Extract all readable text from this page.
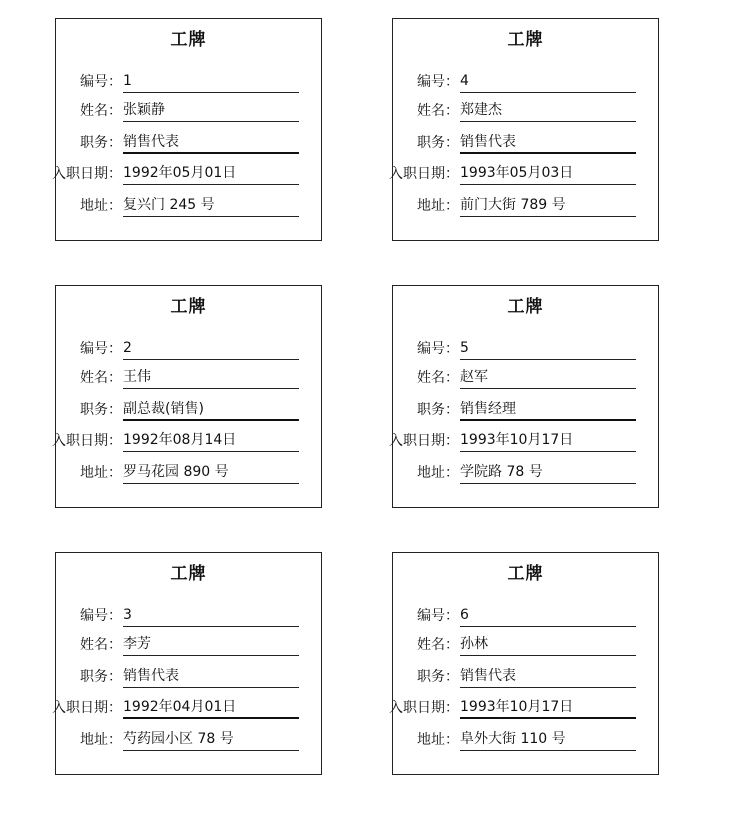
工牌
编号： 1
姓名： 张颖静
职务： 销售代表
入职日期： 1992年05月01日
地址： 复兴门 245 号
工牌
编号： 4
姓名： 郑建杰
职务： 销售代表
入职日期： 1993年05月03日
地址： 前门大街 789 号
工牌
编号： 2
姓名： 王伟
职务： 副总裁(销售)
入职日期： 1992年08月14日
地址： 罗马花园 890 号
工牌
编号： 5
姓名： 赵军
职务： 销售经理
入职日期： 1993年10月17日
地址： 学院路 78 号
工牌
编号： 3
姓名： 李芳
职务： 销售代表
入职日期： 1992年04月01日
地址： 芍药园小区 78 号
工牌
编号： 6
姓名： 孙林
职务： 销售代表
入职日期： 1993年10月17日
地址： 阜外大街 110 号
